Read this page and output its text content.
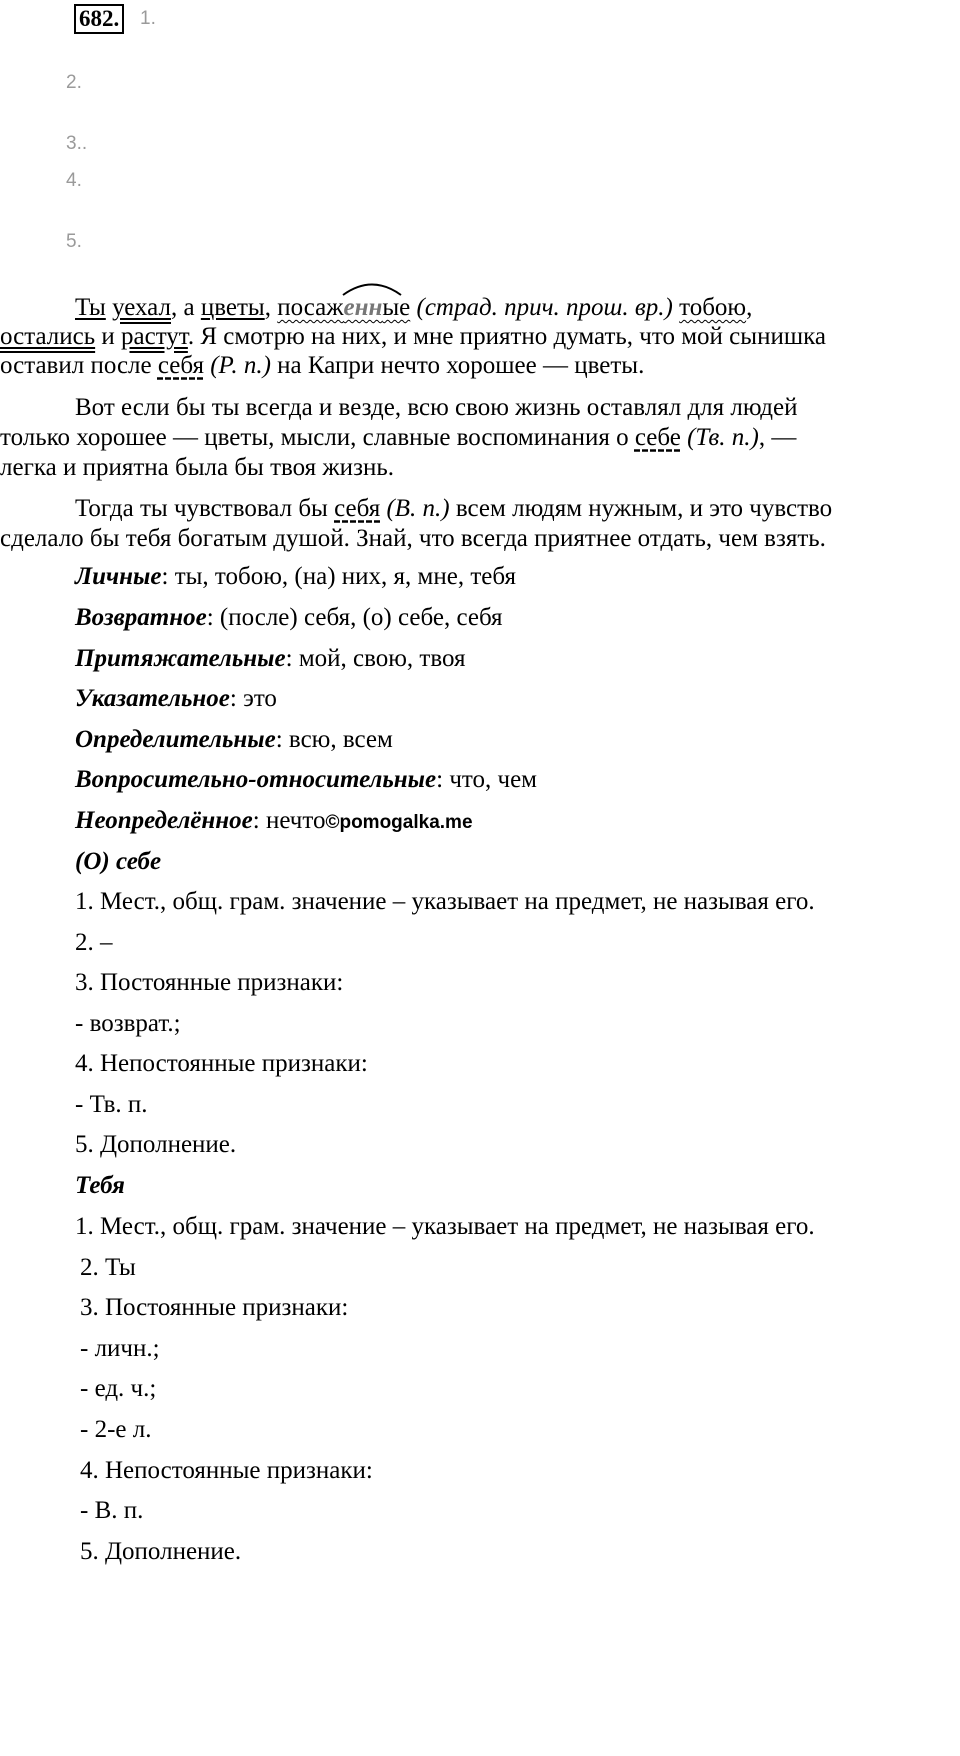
682. 1.
2.
3..
4.
5.
Ты уехал, а цветы, посаж
енные (страд. прич. прош. вр.) тобою,
остались и растут. Я смотрю на них, и мне приятно думать, что мой сынишка
оставил после себя (Р. п.) на Капри нечто хорошее — цветы.
Вот если бы ты всегда и везде, всю свою жизнь оставлял для людей
только хорошее — цветы, мысли, славные воспоминания о себе (Тв. п.), —
легка и приятна была бы твоя жизнь.
Тогда ты чувствовал бы себя (В. п.) всем людям нужным, и это чувство
сделало бы тебя богатым душой. Знай, что всегда приятнее отдать, чем взять.
Личные: ты, тобою, (на) них, я, мне, тебя
Возвратное: (после) себя, (о) себе, себя
Притяжательные: мой, свою, твоя
Указательное: это
Определительные: всю, всем
Вопросительно-относительные: что, чем
Неопределённое: нечто©pomogalka.me
(О) себе
1. Мест., общ. грам. значение – указывает на предмет, не называя его.
2. –
3. Постоянные признаки:
- возврат.;
4. Непостоянные признаки:
- Тв. п.
5. Дополнение.
Тебя
1. Мест., общ. грам. значение – указывает на предмет, не называя его.
2. Ты
3. Постоянные признаки:
- личн.;
- ед. ч.;
- 2-е л.
4. Непостоянные признаки:
- В. п.
5. Дополнение.
